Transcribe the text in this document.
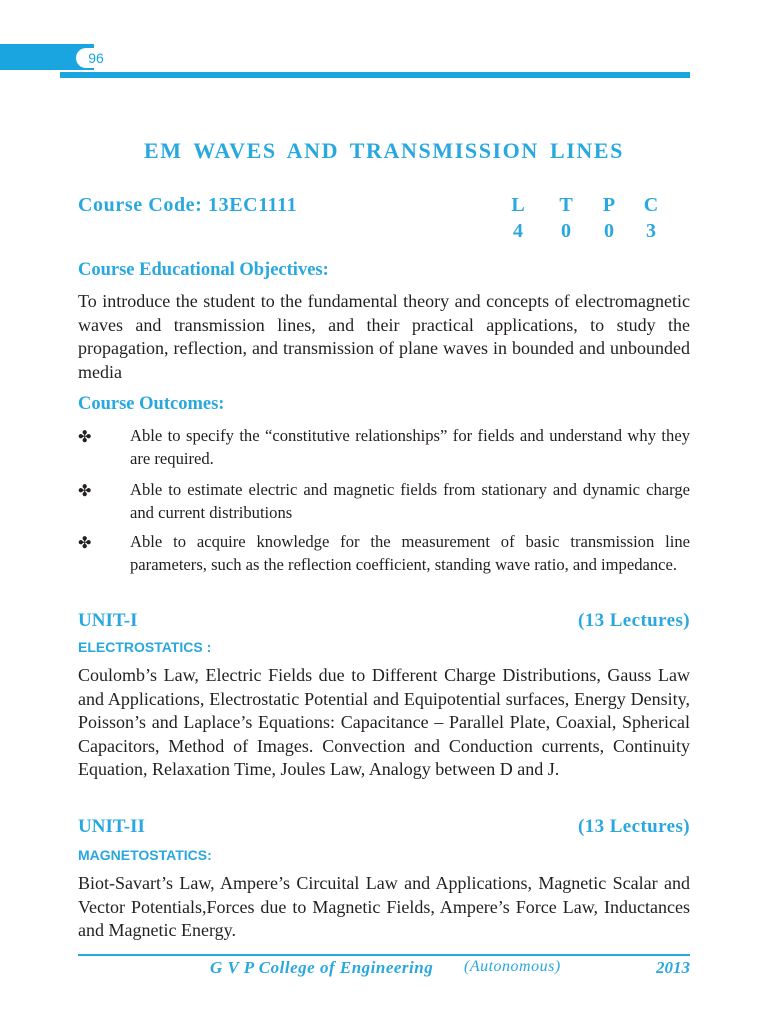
96
EM WAVES AND TRANSMISSION LINES
Course Code: 13EC1111	L T P C
4	0	0	3
Course Educational Objectives:

To introduce the student to the fundamental theory and concepts of electromagnetic waves and transmission lines, and their practical applications, to study the propagation, reflection, and transmission of plane waves in bounded and unbounded media

Course Outcomes:
✤ Able to specify the “constitutive relationships” for fields and understand why they are required.

✤ Able to estimate electric and magnetic fields from stationary and dynamic charge and current distributions

✤ Able to acquire knowledge for the measurement of basic transmission line parameters, such as the reflection coefficient, standing wave ratio, and impedance.

UNIT-I	(13 Lectures)
ELECTROSTATICS :

Coulomb’s Law, Electric Fields due to Different Charge Distributions, Gauss Law and Applications, Electrostatic Potential and Equipotential surfaces, Energy Density, Poisson’s and Laplace’s Equations: Capacitance – Parallel Plate, Coaxial, Spherical Capacitors, Method of Images. Convection and Conduction currents, Continuity Equation, Relaxation Time, Joules Law, Analogy between D and J.

UNIT-II	(13 Lectures)
MAGNETOSTATICS:

Biot-Savart’s Law, Ampere’s Circuital Law and Applications, Magnetic Scalar and Vector Potentials,Forces due to Magnetic Fields, Ampere’s Force Law, Inductances and Magnetic Energy.

G V P College of Engineering (Autonomous)	2013
